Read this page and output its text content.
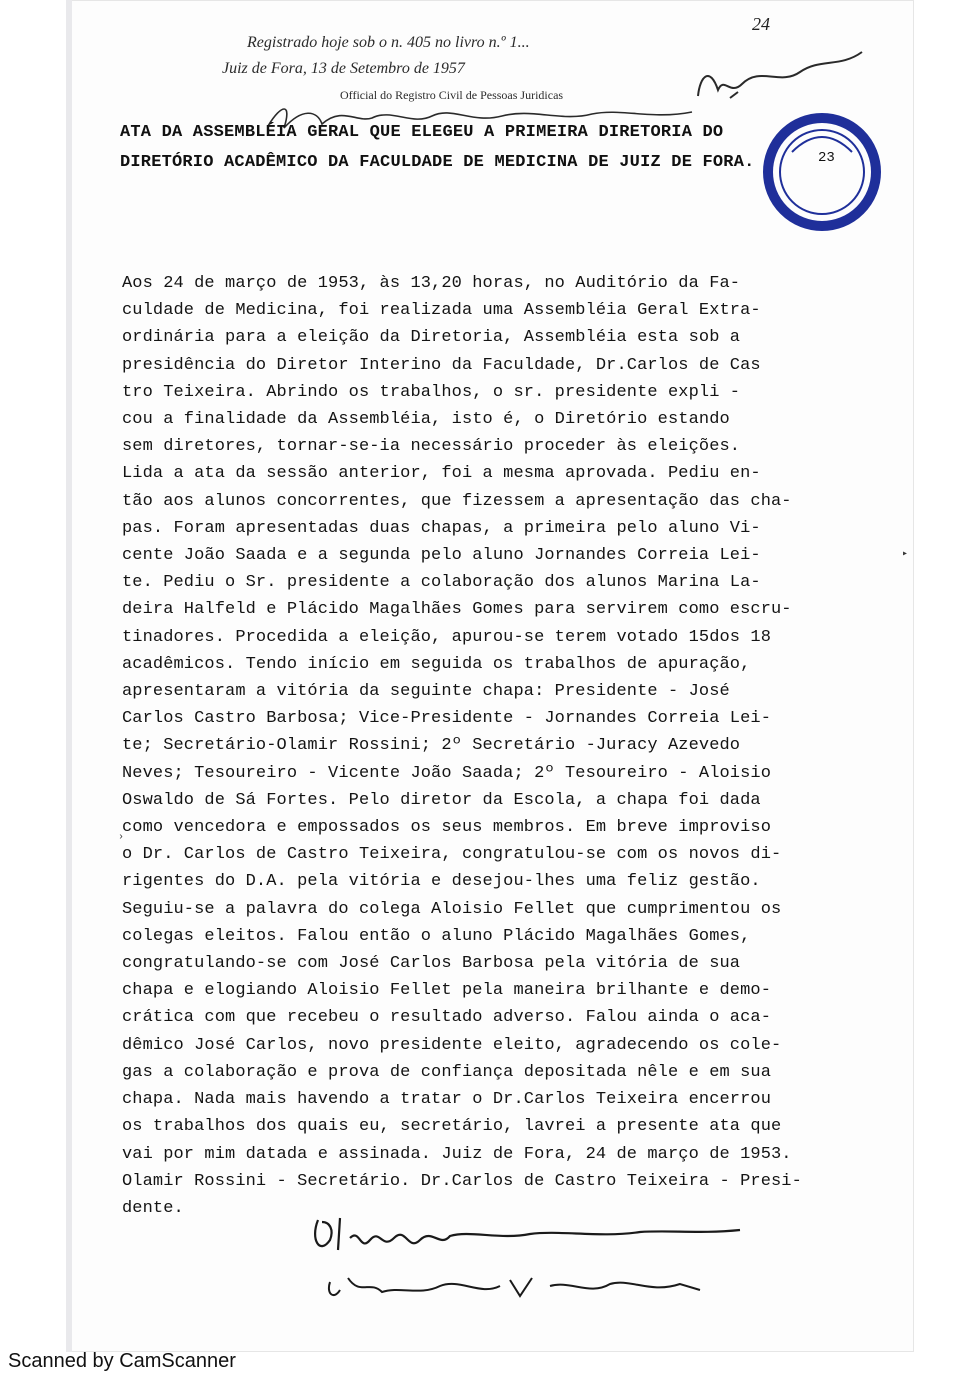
Registrado hoje sob o n. 405 no livro n.º 1...
Juiz de Fora, 13 de Setembro de 1957
Official do Registro Civil de Pessoas Juridicas
24
23
ATA DA ASSEMBLÉIA GERAL QUE ELEGEU A PRIMEIRA DIRETORIA DO
DIRETÓRIO ACADÊMICO DA FACULDADE DE MEDICINA DE JUIZ DE FORA.
Aos 24 de março de 1953, às 13,20 horas, no Auditório da Fa-
culdade de Medicina, foi realizada uma Assembléia Geral Extra-
ordinária para a eleição da Diretoria, Assembléia esta sob a
presidência do Diretor Interino da Faculdade, Dr.Carlos de Cas
tro Teixeira. Abrindo os trabalhos, o sr. presidente expli -
cou a finalidade da Assembléia, isto é, o Diretório estando
sem diretores, tornar-se-ia necessário proceder às eleições.
Lida a ata da sessão anterior, foi a mesma aprovada. Pediu en-
tão aos alunos concorrentes, que fizessem a apresentação das cha-
pas. Foram apresentadas duas chapas, a primeira pelo aluno Vi-
cente João Saada e a segunda pelo aluno Jornandes Correia Lei-
te. Pediu o Sr. presidente a colaboração dos alunos Marina La-
deira Halfeld e Plácido Magalhães Gomes para servirem como escru-
tinadores. Procedida a eleição, apurou-se terem votado 15dos 18
acadêmicos. Tendo início em seguida os trabalhos de apuração,
apresentaram a vitória da seguinte chapa: Presidente - José
Carlos Castro Barbosa; Vice-Presidente - Jornandes Correia Lei-
te; Secretário-Olamir Rossini; 2º Secretário -Juracy Azevedo
Neves; Tesoureiro - Vicente João Saada; 2º Tesoureiro - Aloisio
Oswaldo de Sá Fortes. Pelo diretor da Escola, a chapa foi dada
como vencedora e empossados os seus membros. Em breve improviso
o Dr. Carlos de Castro Teixeira, congratulou-se com os novos di-
rigentes do D.A. pela vitória e desejou-lhes uma feliz gestão.
Seguiu-se a palavra do colega Aloisio Fellet que cumprimentou os
colegas eleitos. Falou então o aluno Plácido Magalhães Gomes,
congratulando-se com José Carlos Barbosa pela vitória de sua
chapa e elogiando Aloisio Fellet pela maneira brilhante e demo-
crática com que recebeu o resultado adverso. Falou ainda o aca-
dêmico José Carlos, novo presidente eleito, agradecendo os cole-
gas a colaboração e prova de confiança depositada nêle e em sua
chapa. Nada mais havendo a tratar o Dr.Carlos Teixeira encerrou
os trabalhos dos quais eu, secretário, lavrei a presente ata que
vai por mim datada e assinada. Juiz de Fora, 24 de março de 1953.
Olamir Rossini - Secretário. Dr.Carlos de Castro Teixeira - Presi-
dente.
▸
›
Scanned by CamScanner
